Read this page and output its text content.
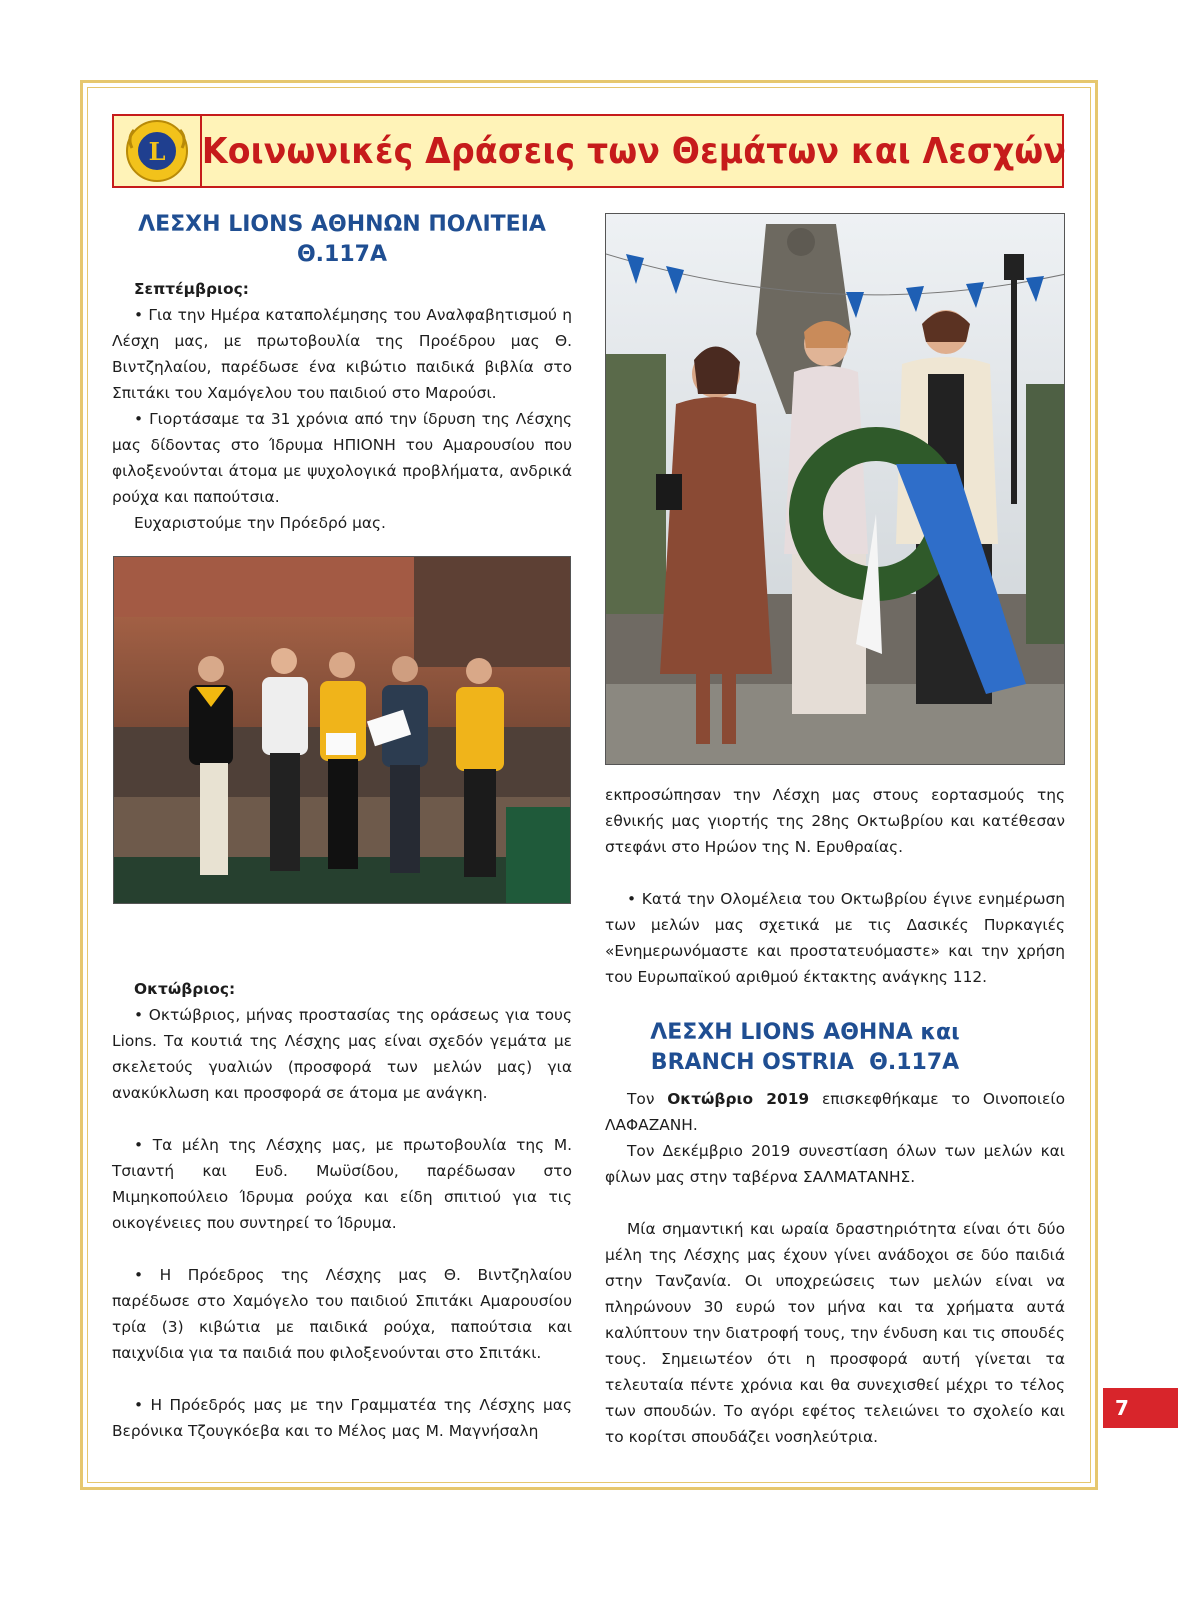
L Κοινωνικές Δράσεις των Θεμάτων και Λεσχών
ΛΕΣΧΗ LIONS ΑΘΗΝΩΝ ΠΟΛΙΤΕΙΑ
Θ.117Α
Σεπτέμβριος:

• Για την Ημέρα καταπολέμησης του Αναλφαβητισμού η Λέσχη μας, με πρωτοβουλία της Προέδρου μας Θ. Βιντζηλαίου, παρέδωσε ένα κιβώτιο παιδικά βιβλία στο Σπιτάκι του Χαμόγελου του παιδιού στο Μαρούσι.

• Γιορτάσαμε τα 31 χρόνια από την ίδρυση της Λέσχης μας δίδοντας στο Ίδρυμα ΗΠΙΟΝΗ του Αμαρουσίου που φιλοξενούνται άτομα με ψυχολογικά προβλήματα, ανδρικά ρούχα και παπούτσια.

Ευχαριστούμε την Πρόεδρό μας.

Οκτώβριος:

• Οκτώβριος, μήνας προστασίας της οράσεως για τους Lions. Τα κουτιά της Λέσχης μας είναι σχεδόν γεμάτα με σκελετούς γυαλιών (προσφορά των μελών μας) για ανακύκλωση και προσφορά σε άτομα με ανάγκη.

• Τα μέλη της Λέσχης μας, με πρωτοβουλία της Μ. Τσιαντή και Ευδ. Μωϋσίδου, παρέδωσαν στο Μιμηκοπούλειο Ίδρυμα ρούχα και είδη σπιτιού για τις οικογένειες που συντηρεί το Ίδρυμα.

• Η Πρόεδρος της Λέσχης μας Θ. Βιντζηλαίου παρέδωσε στο Χαμόγελο του παιδιού Σπιτάκι Αμαρουσίου τρία (3) κιβώτια με παιδικά ρούχα, παπούτσια και παιχνίδια για τα παιδιά που φιλοξενούνται στο Σπιτάκι.

• Η Πρόεδρός μας με την Γραμματέα της Λέσχης μας Βερόνικα Τζουγκόεβα και το Μέλος μας Μ. Μαγνήσαλη

εκπροσώπησαν την Λέσχη μας στους εορτασμούς της εθνικής μας γιορτής της 28ης Οκτωβρίου και κατέθεσαν στεφάνι στο Ηρώον της Ν. Ερυθραίας.

• Κατά την Ολομέλεια του Οκτωβρίου έγινε ενημέρωση των μελών μας σχετικά με τις Δασικές Πυρκαγιές «Ενημερωνόμαστε και προστατευόμαστε» και την χρήση του Ευρωπαϊκού αριθμού έκτακτης ανάγκης 112.

ΛΕΣΧΗ LIONS ΑΘΗΝΑ και
BRANCH OSTRIA  Θ.117Α

Τον Οκτώβριο 2019 επισκεφθήκαμε το Οινοποιείο ΛΑΦΑΖΑΝΗ.

Τον Δεκέμβριο 2019 συνεστίαση όλων των μελών και φίλων μας στην ταβέρνα ΣΑΛΜΑΤΑΝΗΣ.

Μία σημαντική και ωραία δραστηριότητα είναι ότι δύο μέλη της Λέσχης μας έχουν γίνει ανάδοχοι σε δύο παιδιά στην Τανζανία. Οι υποχρεώσεις των μελών είναι να πληρώνουν 30 ευρώ τον μήνα και τα χρήματα αυτά καλύπτουν την διατροφή τους, την ένδυση και τις σπουδές τους. Σημειωτέον ότι η προσφορά αυτή γίνεται τα τελευταία πέντε χρόνια και θα συνεχισθεί μέχρι το τέλος των σπουδών. Το αγόρι εφέτος τελειώνει το σχολείο και το κορίτσι σπουδάζει νοσηλεύτρια.

7
